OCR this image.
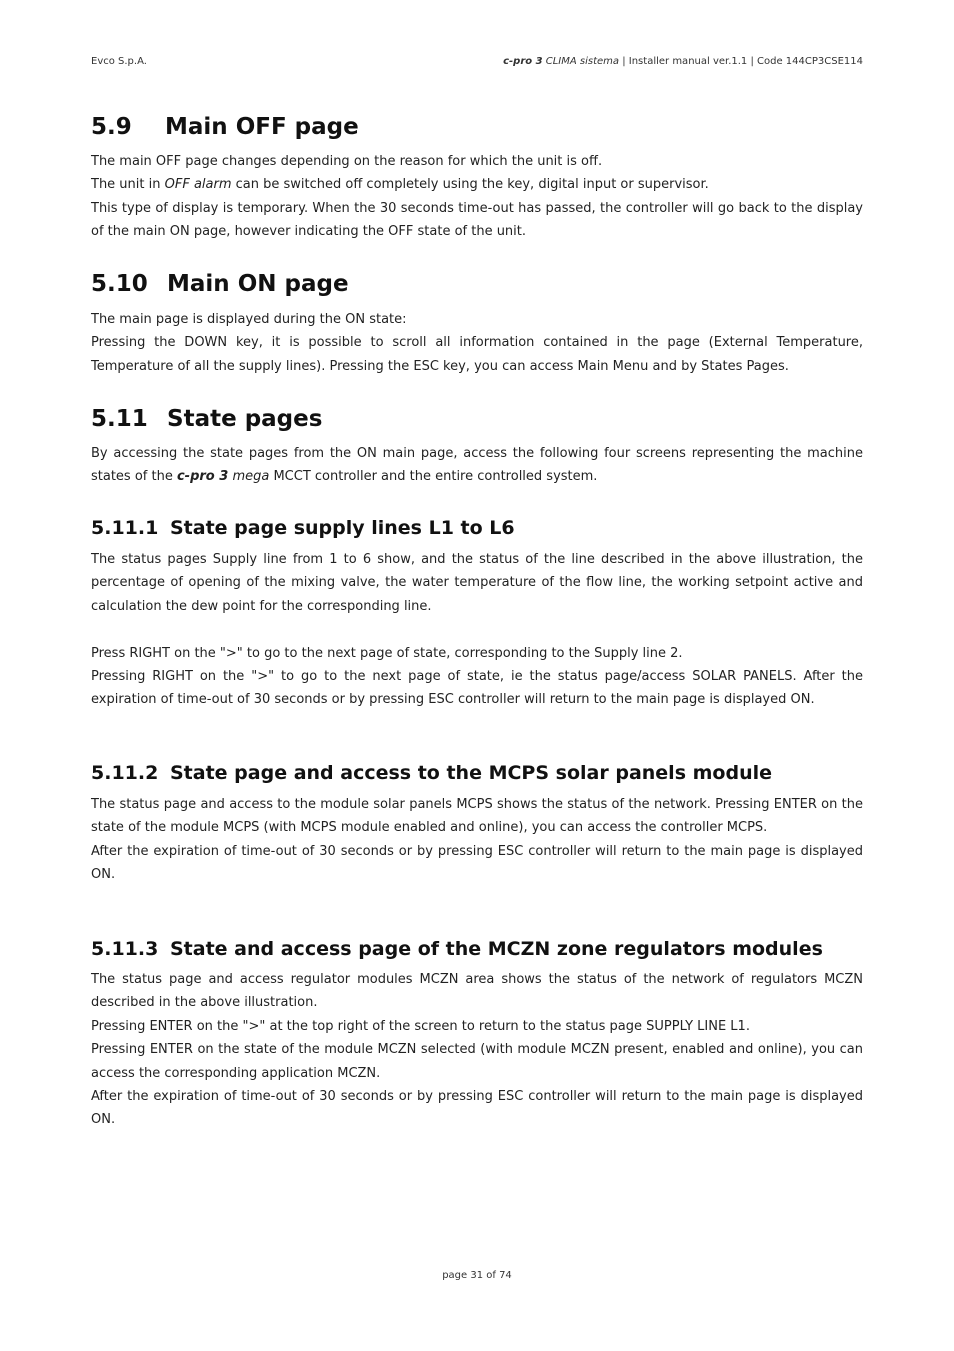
Evco S.p.A.	c-pro 3 CLIMA sistema | Installer manual ver.1.1 | Code 144CP3CSE114
5.9 Main OFF page

The main OFF page changes depending on the reason for which the unit is off.

The unit in OFF alarm can be switched off completely using the key, digital input or supervisor.

This type of display is temporary. When the 30 seconds time-out has passed, the controller will go back to the display of the main ON page, however indicating the OFF state of the unit.

5.10 Main ON page

The main page is displayed during the ON state:

Pressing the DOWN key, it is possible to scroll all information contained in the page (External Temperature, Temperature of all the supply lines). Pressing the ESC key, you can access Main Menu and by States Pages.

5.11 State pages

By accessing the state pages from the ON main page, access the following four screens representing the machine states of the c-pro 3 mega MCCT controller and the entire controlled system.

5.11.1 State page supply lines L1 to L6

The status pages Supply line from 1 to 6 show, and the status of the line described in the above illustration, the percentage of opening of the mixing valve, the water temperature of the flow line, the working setpoint active and calculation the dew point for the corresponding line.

Press RIGHT on the ">" to go to the next page of state, corresponding to the Supply line 2.

Pressing RIGHT on the ">" to go to the next page of state, ie the status page/access SOLAR PANELS. After the expiration of time-out of 30 seconds or by pressing ESC controller will return to the main page is displayed ON.

5.11.2 State page and access to the MCPS solar panels module

The status page and access to the module solar panels MCPS shows the status of the network. Pressing ENTER on the state of the module MCPS (with MCPS module enabled and online), you can access the controller MCPS.

After the expiration of time-out of 30 seconds or by pressing ESC controller will return to the main page is displayed ON.

5.11.3 State and access page of the MCZN zone regulators modules

The status page and access regulator modules MCZN area shows the status of the network of regulators MCZN described in the above illustration.

Pressing ENTER on the ">" at the top right of the screen to return to the status page SUPPLY LINE L1.

Pressing ENTER on the state of the module MCZN selected (with module MCZN present, enabled and online), you can access the corresponding application MCZN.

After the expiration of time-out of 30 seconds or by pressing ESC controller will return to the main page is displayed ON.

page 31 of 74
